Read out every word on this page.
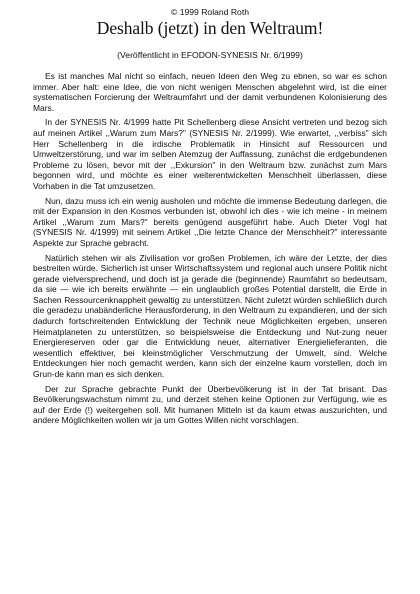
© 1999 Roland Roth

Deshalb (jetzt) in den Weltraum!

(Veröffentlicht in EFODON-SYNESIS Nr. 6/1999)

Es ist manches Mal nicht so einfach, neuen Ideen den Weg zu ebnen, so war es schon immer. Aber halt: eine Idee, die von nicht wenigen Menschen abgelehnt wird, ist die einer systematischen Forcierung der Weltraumfahrt und der damit verbundenen Kolonisierung des Mars.

In der SYNESIS Nr. 4/1999 hatte Pit Schellenberg diese Ansicht vertreten und bezog sich auf meinen Artikel ,,Warum zum Mars?" (SYNESIS Nr. 2/1999). Wie erwartet, ,,verbiss" sich Herr Schellenberg in die irdische Problematik in Hinsicht auf Ressourcen und Umweltzerstörung, und war im selben Atemzug der Auffassung, zunächst die erdgebundenen Probleme zu lösen, bevor mit der ,,Exkursion" in den Weltraum bzw. zunächst zum Mars begonnen wird, und möchte es einer weiterentwickelten Menschheit überlassen, diese Vorhaben in die Tat umzusetzen.

Nun, dazu muss ich ein wenig ausholen und möchte die immense Bedeutung darlegen, die mit der Expansion in den Kosmos verbunden ist, obwohl ich dies - wie ich meine - in meinem Artikel ,,Warum zum Mars?" bereits genügend ausgeführt habe. Auch Dieter Vogl hat (SYNESIS Nr. 4/1999) mit seinem Artikel ,,Die letzte Chance der Menschheit?" interessante Aspekte zur Sprache gebracht.

Natürlich stehen wir als Zivilisation vor großen Problemen, ich wäre der Letzte, der dies bestreiten würde. Sicherlich ist unser Wirtschaftssystem und regional auch unsere Politik nicht gerade vielversprechend, und doch ist ja gerade die (beginnende) Raumfahrt so bedeutsam, da sie — wie ich bereits erwähnte — ein unglaublich großes Potential darstellt, die Erde in Sachen Ressourcenknappheit gewaltig zu unterstützen. Nicht zuletzt würden schließlich durch die geradezu unabänderliche Herausforderung, in den Weltraum zu expandieren, und der sich dadurch fortschreitenden Entwicklung der Technik neue Möglichkeiten ergeben, unseren Heimatplaneten zu unterstützen, so beispielsweise die Entdeckung und Nut-zung neuer Energiereserven oder gar die Entwicklung neuer, alternativer Energielieferanten, die wesentlich effektiver, bei kleinstmöglicher Verschmutzung der Umwelt, sind. Welche Entdeckungen hier noch gemacht werden, kann sich der einzelne kaum vorstellen, doch im Grun-de kann man es sich denken.

Der zur Sprache gebrachte Punkt der Überbevölkerung ist in der Tat brisant. Das Bevölkerungswachstum nimmt zu, und derzeit stehen keine Optionen zur Verfügung, wie es auf der Erde (!) weitergehen soll. Mit humanen Mitteln ist da kaum etwas auszurichten, und andere Möglichkeiten wollen wir ja um Gottes Willen nicht vorschlagen.
